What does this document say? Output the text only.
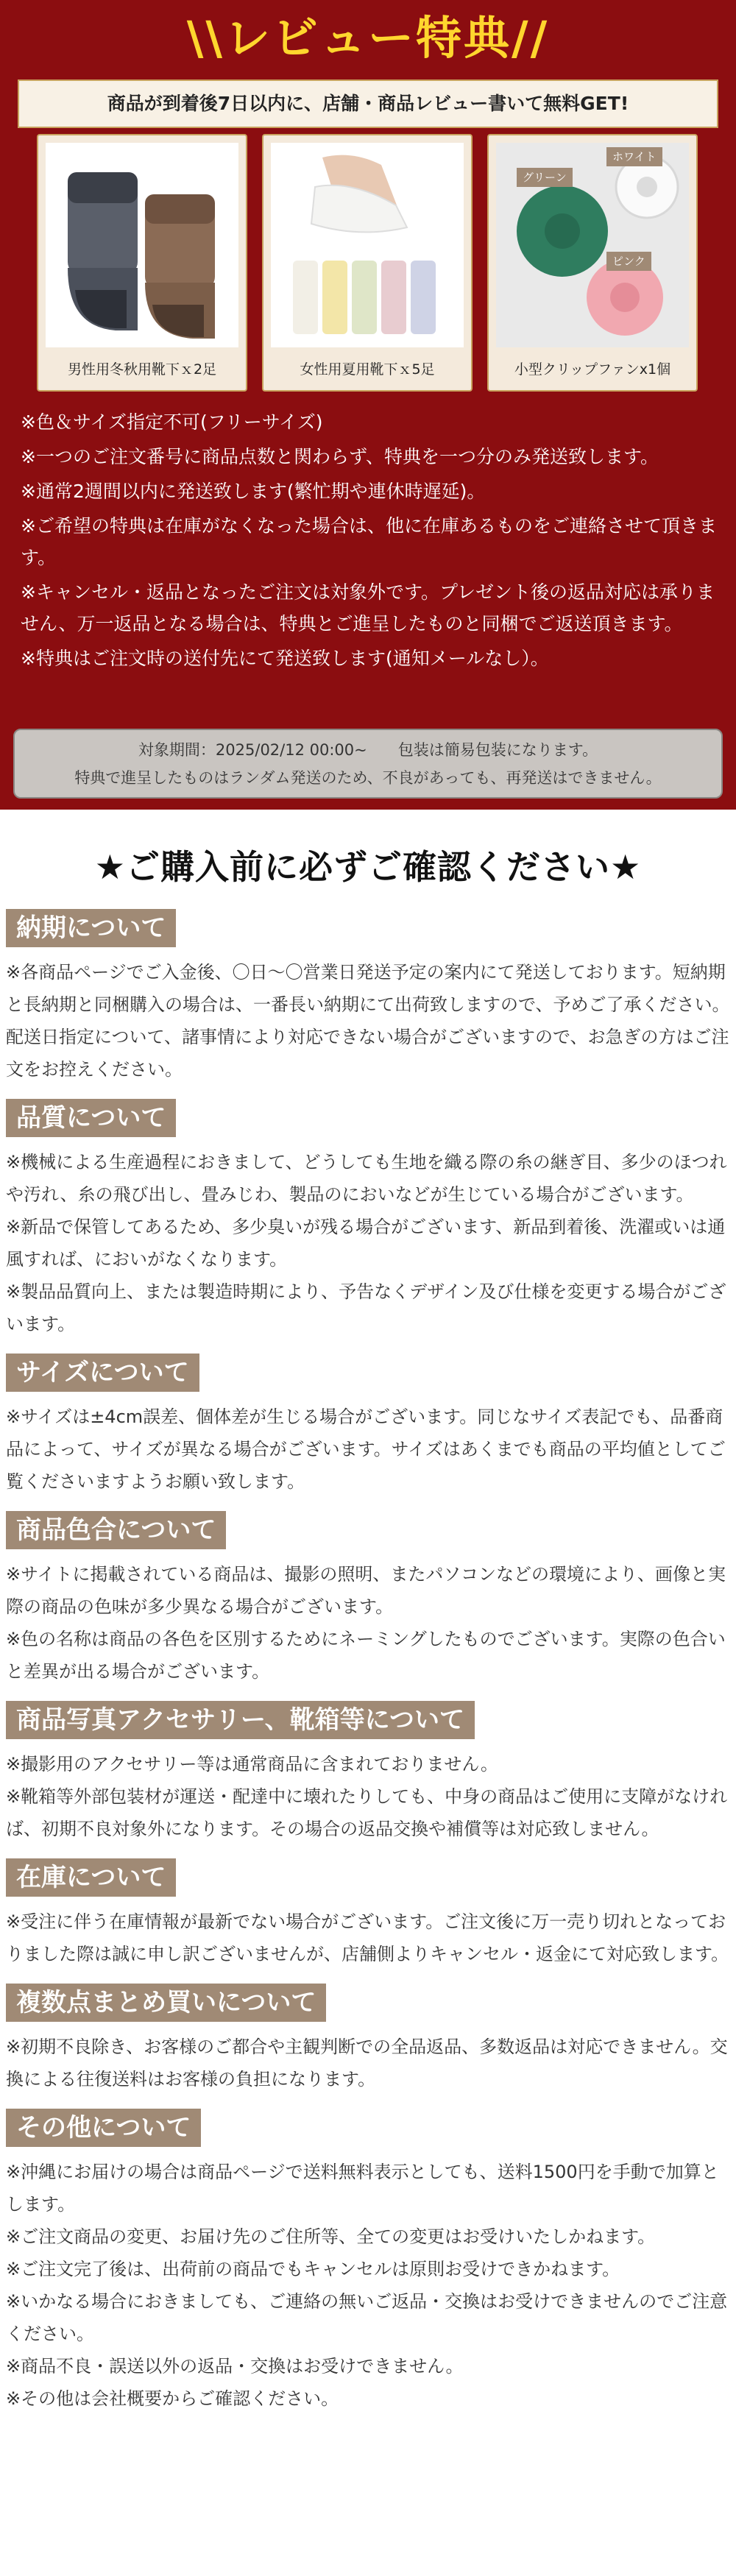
\\レビュー特典//
商品が到着後7日以内に、店舗・商品レビュー書いて無料GET!
男性用冬秋用靴下ｘ2足	女性用夏用靴下ｘ5足
ホワイト
グリーン
ピンク
小型クリップファンx1個

※色＆サイズ指定不可(フリーサイズ)

※一つのご注文番号に商品点数と関わらず、特典を一つ分のみ発送致します。

※通常2週間以内に発送致します(繁忙期や連休時遅延)。

※ご希望の特典は在庫がなくなった場合は、他に在庫あるものをご連絡させて頂きます。

※キャンセル・返品となったご注文は対象外です。プレゼント後の返品対応は承りません、万一返品となる場合は、特典とご進呈したものと同梱でご返送頂きます。

※特典はご注文時の送付先にて発送致します(通知メールなし）。

対象期間：2025/02/12 00:00~　　包装は簡易包装になります。
特典で進呈したものはランダム発送のため、不良があっても、再発送はできません。
★ご購入前に必ずご確認ください★
納期について

※各商品ページでご入金後、〇日～〇営業日発送予定の案内にて発送しております。短納期と長納期と同梱購入の場合は、一番長い納期にて出荷致しますので、予めご了承ください。配送日指定について、諸事情により対応できない場合がございますので、お急ぎの方はご注文をお控えください。

品質について

※機械による生産過程におきまして、どうしても生地を織る際の糸の継ぎ目、多少のほつれや汚れ、糸の飛び出し、畳みじわ、製品のにおいなどが生じている場合がございます。

※新品で保管してあるため、多少臭いが残る場合がございます、新品到着後、洗濯或いは通風すれば、においがなくなります。

※製品品質向上、または製造時期により、予告なくデザイン及び仕様を変更する場合がございます。

サイズについて

※サイズは±4cm誤差、個体差が生じる場合がございます。同じなサイズ表記でも、品番商品によって、サイズが異なる場合がございます。サイズはあくまでも商品の平均値としてご覧くださいますようお願い致します。

商品色合について

※サイトに掲載されている商品は、撮影の照明、またパソコンなどの環境により、画像と実際の商品の色味が多少異なる場合がございます。

※色の名称は商品の各色を区別するためにネーミングしたものでございます。実際の色合いと差異が出る場合がございます。

商品写真アクセサリー、靴箱等について

※撮影用のアクセサリー等は通常商品に含まれておりません。

※靴箱等外部包装材が運送・配達中に壊れたりしても、中身の商品はご使用に支障がなければ、初期不良対象外になります。その場合の返品交換や補償等は対応致しません。

在庫について

※受注に伴う在庫情報が最新でない場合がございます。ご注文後に万一売り切れとなっておりました際は誠に申し訳ございませんが、店舗側よりキャンセル・返金にて対応致します。

複数点まとめ買いについて

※初期不良除き、お客様のご都合や主観判断での全品返品、多数返品は対応できません。交換による往復送料はお客様の負担になります。

その他について

※沖縄にお届けの場合は商品ページで送料無料表示としても、送料1500円を手動で加算とします。

※ご注文商品の変更、お届け先のご住所等、全ての変更はお受けいたしかねます。

※ご注文完了後は、出荷前の商品でもキャンセルは原則お受けできかねます。

※いかなる場合におきましても、ご連絡の無いご返品・交換はお受けできませんのでご注意ください。

※商品不良・誤送以外の返品・交換はお受けできません。

※その他は会社概要からご確認ください。
